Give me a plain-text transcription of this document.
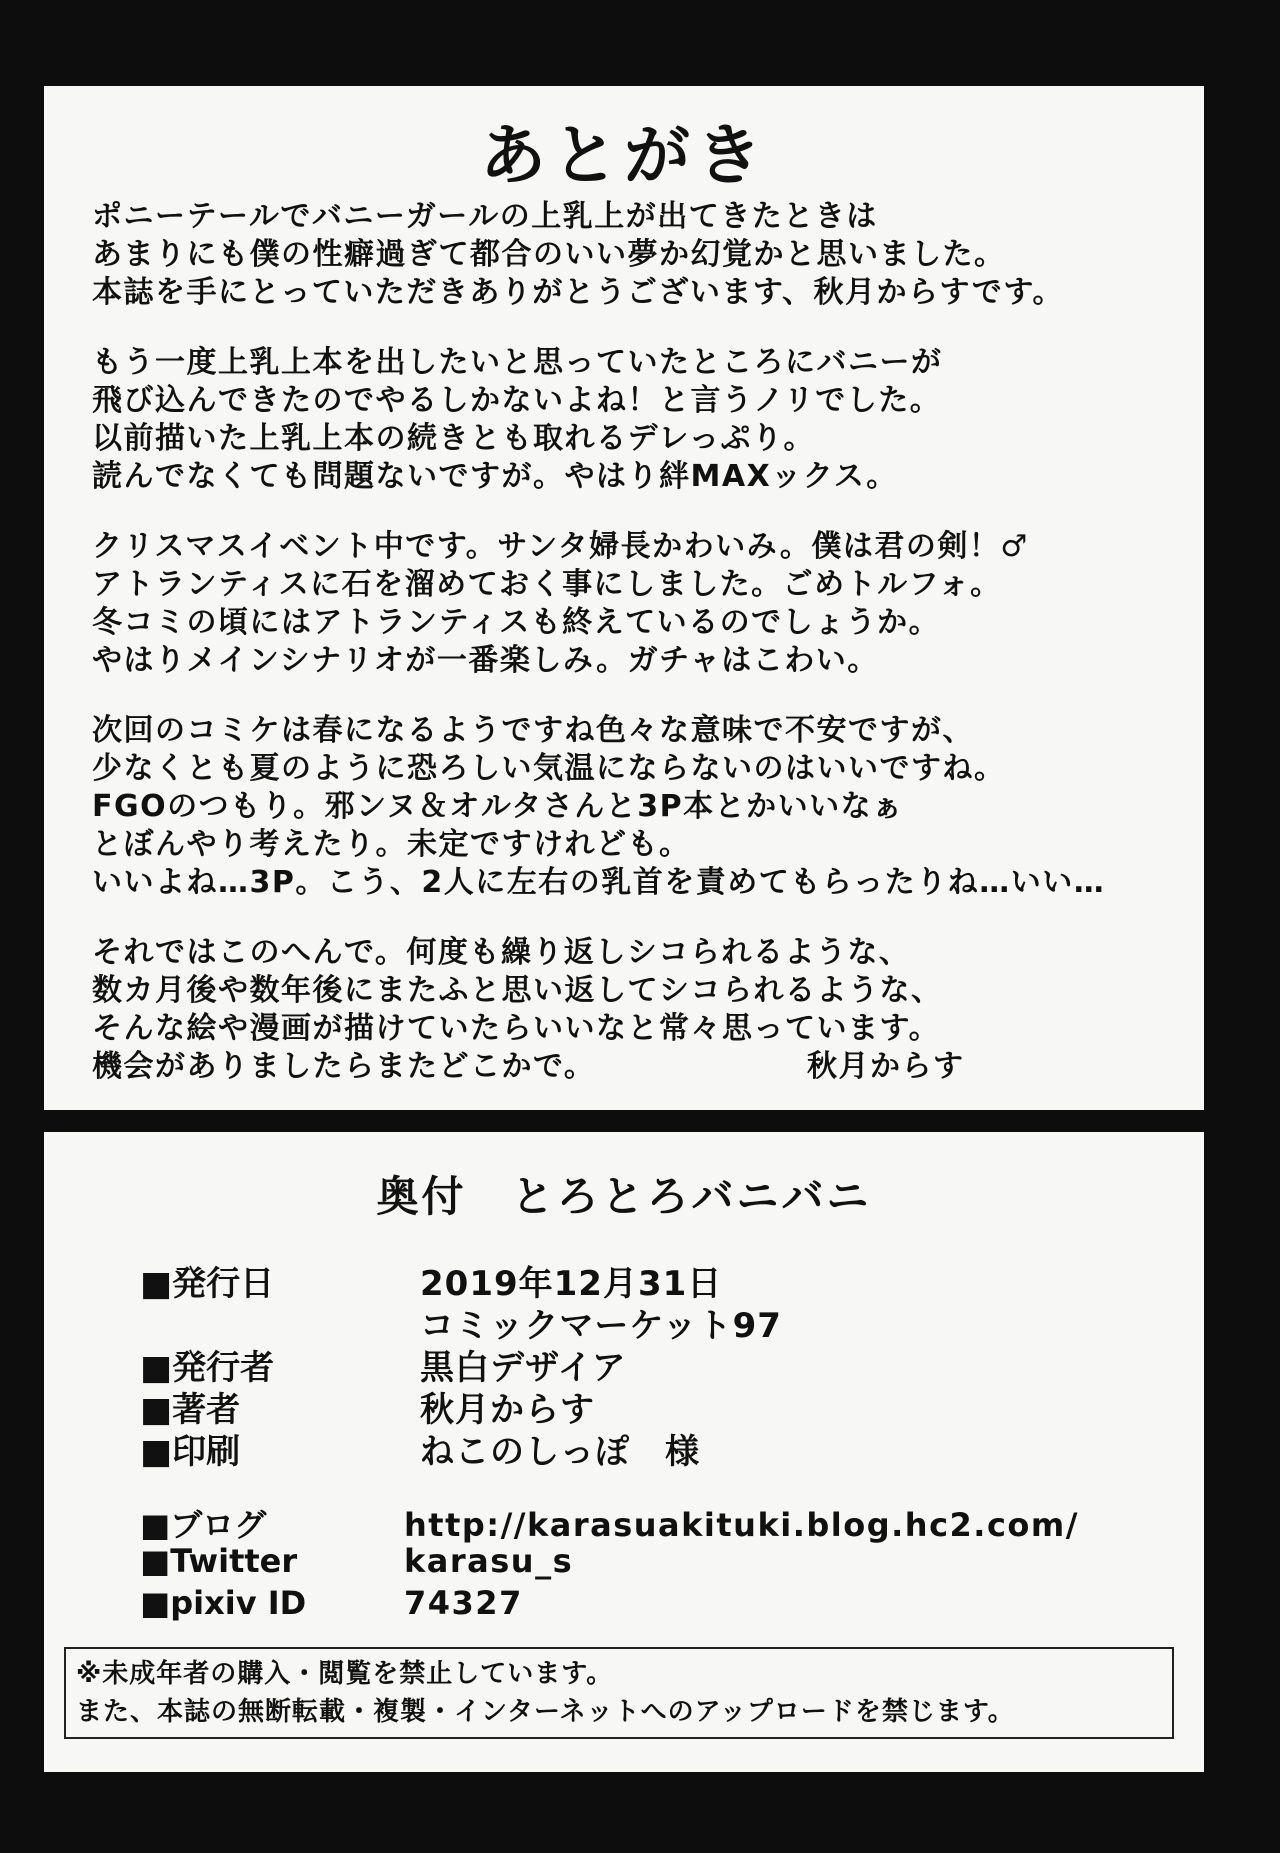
あとがき
ポニーテールでバニーガールの上乳上が出てきたときは
あまりにも僕の性癖過ぎて都合のいい夢か幻覚かと思いました。
本誌を手にとっていただきありがとうございます、秋月からすです。
もう一度上乳上本を出したいと思っていたところにバニーが
飛び込んできたのでやるしかないよね！と言うノリでした。
以前描いた上乳上本の続きとも取れるデレっぷり。
読んでなくても問題ないですが。やはり絆MAXックス。
クリスマスイベント中です。サンタ婦長かわいみ。僕は君の剣！♂
アトランティスに石を溜めておく事にしました。ごめトルフォ。
冬コミの頃にはアトランティスも終えているのでしょうか。
やはりメインシナリオが一番楽しみ。ガチャはこわい。
次回のコミケは春になるようですね色々な意味で不安ですが、
少なくとも夏のように恐ろしい気温にならないのはいいですね。
FGOのつもり。邪ンヌ＆オルタさんと3P本とかいいなぁ
とぼんやり考えたり。未定ですけれども。
いいよね…3P。こう、2人に左右の乳首を責めてもらったりね…いい…
それではこのへんで。何度も繰り返しシコられるような、
数カ月後や数年後にまたふと思い返してシコられるような、
そんな絵や漫画が描けていたらいいなと常々思っています。
機会がありましたらまたどこかで。	秋月からす
奥付　とろとろバニバニ
■発行日	2019年12月31日
コミックマーケット97
■発行者	黒白デザイア
■著者	秋月からす
■印刷	ねこのしっぽ　様
■ブログ	http://karasuakituki.blog.hc2.com/
■Twitter	karasu_s
■pixiv ID	74327
※未成年者の購入・閲覧を禁止しています。
また、本誌の無断転載・複製・インターネットへのアップロードを禁じます。
